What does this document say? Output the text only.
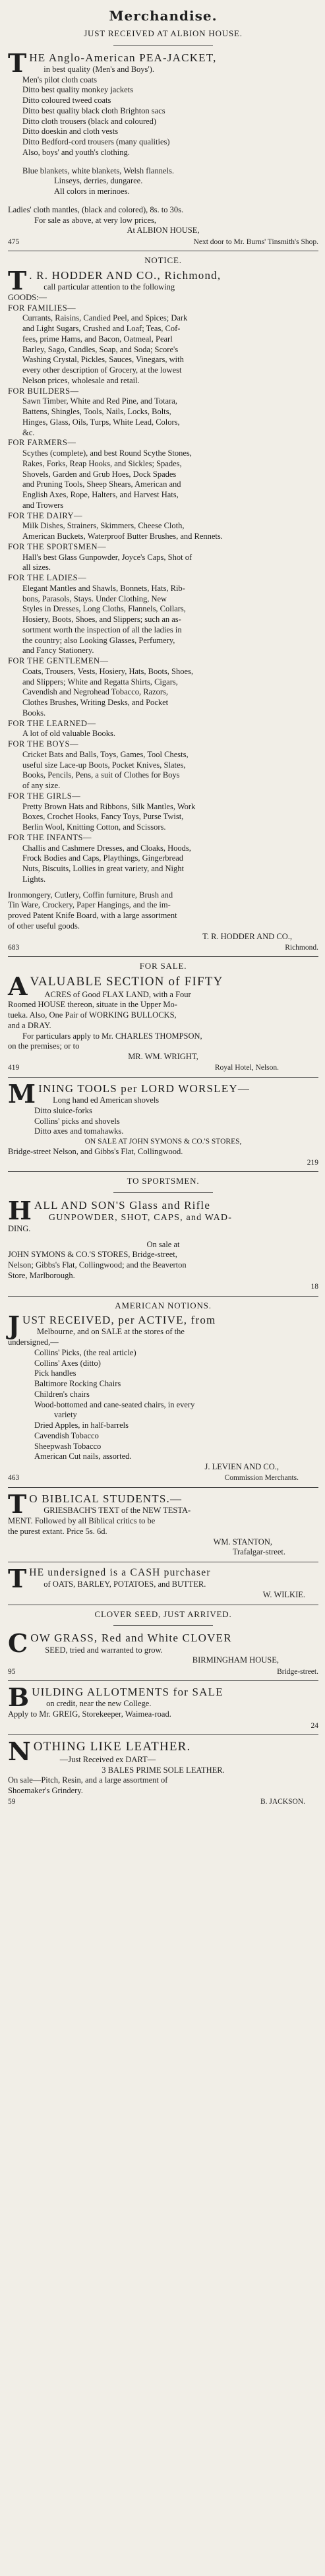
Merchandise.
JUST RECEIVED AT ALBION HOUSE.
T HE Anglo-American PEA-JACKET,
in best quality (Men's and Boys').
Men's pilot cloth coats
Ditto best quality monkey jackets
Ditto coloured tweed coats
Ditto best quality black cloth Brighton sacs
Ditto cloth trousers (black and coloured)
Ditto doeskin and cloth vests
Ditto Bedford-cord trousers (many qualities)
Also, boys' and youth's clothing.
Blue blankets, white blankets, Welsh flannels.
Linseys, derries, dungaree.
All colors in merinoes.
Ladies' cloth mantles, (black and colored), 8s. to 30s.
For sale as above, at very low prices,
At ALBION HOUSE,
475	Next door to Mr. Burns' Tinsmith's Shop.
NOTICE.
T . R. HODDER AND CO., Richmond,
call particular attention to the following
GOODS:—
FOR FAMILIES—
Currants, Raisins, Candied Peel, and Spices; Dark
and Light Sugars, Crushed and Loaf; Teas, Cof-
fees, prime Hams, and Bacon, Oatmeal, Pearl
Barley, Sago, Candles, Soap, and Soda; Score's
Washing Crystal, Pickles, Sauces, Vinegars, with
every other description of Grocery, at the lowest
Nelson prices, wholesale and retail.
FOR BUILDERS—
Sawn Timber, White and Red Pine, and Totara,
Battens, Shingles, Tools, Nails, Locks, Bolts,
Hinges, Glass, Oils, Turps, White Lead, Colors,
&c.
FOR FARMERS—
Scythes (complete), and best Round Scythe Stones,
Rakes, Forks, Reap Hooks, and Sickles; Spades,
Shovels, Garden and Grub Hoes, Dock Spades
and Pruning Tools, Sheep Shears, American and
English Axes, Rope, Halters, and Harvest Hats,
and Trowers
FOR THE DAIRY—
Milk Dishes, Strainers, Skimmers, Cheese Cloth,
American Buckets, Waterproof Butter Brushes, and Rennets.
FOR THE SPORTSMEN—
Hall's best Glass Gunpowder, Joyce's Caps, Shot of
all sizes.
FOR THE LADIES—
Elegant Mantles and Shawls, Bonnets, Hats, Rib-
bons, Parasols, Stays. Under Clothing, New
Styles in Dresses, Long Cloths, Flannels, Collars,
Hosiery, Boots, Shoes, and Slippers; such an as-
sortment worth the inspection of all the ladies in
the country; also Looking Glasses, Perfumery,
and Fancy Stationery.
FOR THE GENTLEMEN—
Coats, Trousers, Vests, Hosiery, Hats, Boots, Shoes,
and Slippers; White and Regatta Shirts, Cigars,
Cavendish and Negrohead Tobacco, Razors,
Clothes Brushes, Writing Desks, and Pocket
Books.
FOR THE LEARNED—
A lot of old valuable Books.
FOR THE BOYS—
Cricket Bats and Balls, Toys, Games, Tool Chests,
useful size Lace-up Boots, Pocket Knives, Slates,
Books, Pencils, Pens, a suit of Clothes for Boys
of any size.
FOR THE GIRLS—
Pretty Brown Hats and Ribbons, Silk Mantles, Work
Boxes, Crochet Hooks, Fancy Toys, Purse Twist,
Berlin Wool, Knitting Cotton, and Scissors.
FOR THE INFANTS—
Challis and Cashmere Dresses, and Cloaks, Hoods,
Frock Bodies and Caps, Playthings, Gingerbread
Nuts, Biscuits, Lollies in great variety, and Night
Lights.
Ironmongery, Cutlery, Coffin furniture, Brush and
Tin Ware, Crockery, Paper Hangings, and the im-
proved Patent Knife Board, with a large assortment
of other useful goods.
T. R. HODDER AND CO.,
683	Richmond.
FOR SALE.
A VALUABLE SECTION of FIFTY
ACRES of Good FLAX LAND, with a Four
Roomed HOUSE thereon, situate in the Upper Mo-
tueka. Also, One Pair of WORKING BULLOCKS,
and a DRAY.
For particulars apply to Mr. CHARLES THOMPSON,
on the premises; or to
MR. WM. WRIGHT,
419	Royal Hotel, Nelson.
M INING TOOLS per LORD WORSLEY—
Long hand ed American shovels
Ditto sluice-forks
Collins' picks and shovels
Ditto axes and tomahawks.
ON SALE AT JOHN SYMONS & CO.'S STORES,
Bridge-street Nelson, and Gibbs's Flat, Collingwood.
219
TO SPORTSMEN.
H ALL AND SON'S Glass and Rifle
GUNPOWDER, SHOT, CAPS, and WAD-
DING.
On sale at
JOHN SYMONS & CO.'S STORES, Bridge-street,
Nelson; Gibbs's Flat, Collingwood; and the Beaverton
Store, Marlborough.
18
AMERICAN NOTIONS.
J UST RECEIVED, per ACTIVE, from
Melbourne, and on SALE at the stores of the
undersigned,—
Collins' Picks, (the real article)
Collins' Axes (ditto)
Pick handles
Baltimore Rocking Chairs
Children's chairs
Wood-bottomed and cane-seated chairs, in every
variety
Dried Apples, in half-barrels
Cavendish Tobacco
Sheepwash Tobacco
American Cut nails, assorted.
J. LEVIEN AND CO.,
463	Commission Merchants.
T O BIBLICAL STUDENTS.—
GRIESBACH'S TEXT of the NEW TESTA-
MENT. Followed by all Biblical critics to be
the purest extant. Price 5s. 6d.
WM. STANTON,
Trafalgar-street.
T HE undersigned is a CASH purchaser
of OATS, BARLEY, POTATOES, and BUTTER.
W. WILKIE.
CLOVER SEED, JUST ARRIVED.
C OW GRASS, Red and White CLOVER
SEED, tried and warranted to grow.
BIRMINGHAM HOUSE,
95	Bridge-street.
B UILDING ALLOTMENTS for SALE
on credit, near the new College.
Apply to Mr. GREIG, Storekeeper, Waimea-road.
24
N OTHING LIKE LEATHER.
—Just Received ex DART—
3 BALES PRIME SOLE LEATHER.
On sale—Pitch, Resin, and a large assortment of
Shoemaker's Grindery.
59	B. JACKSON.
